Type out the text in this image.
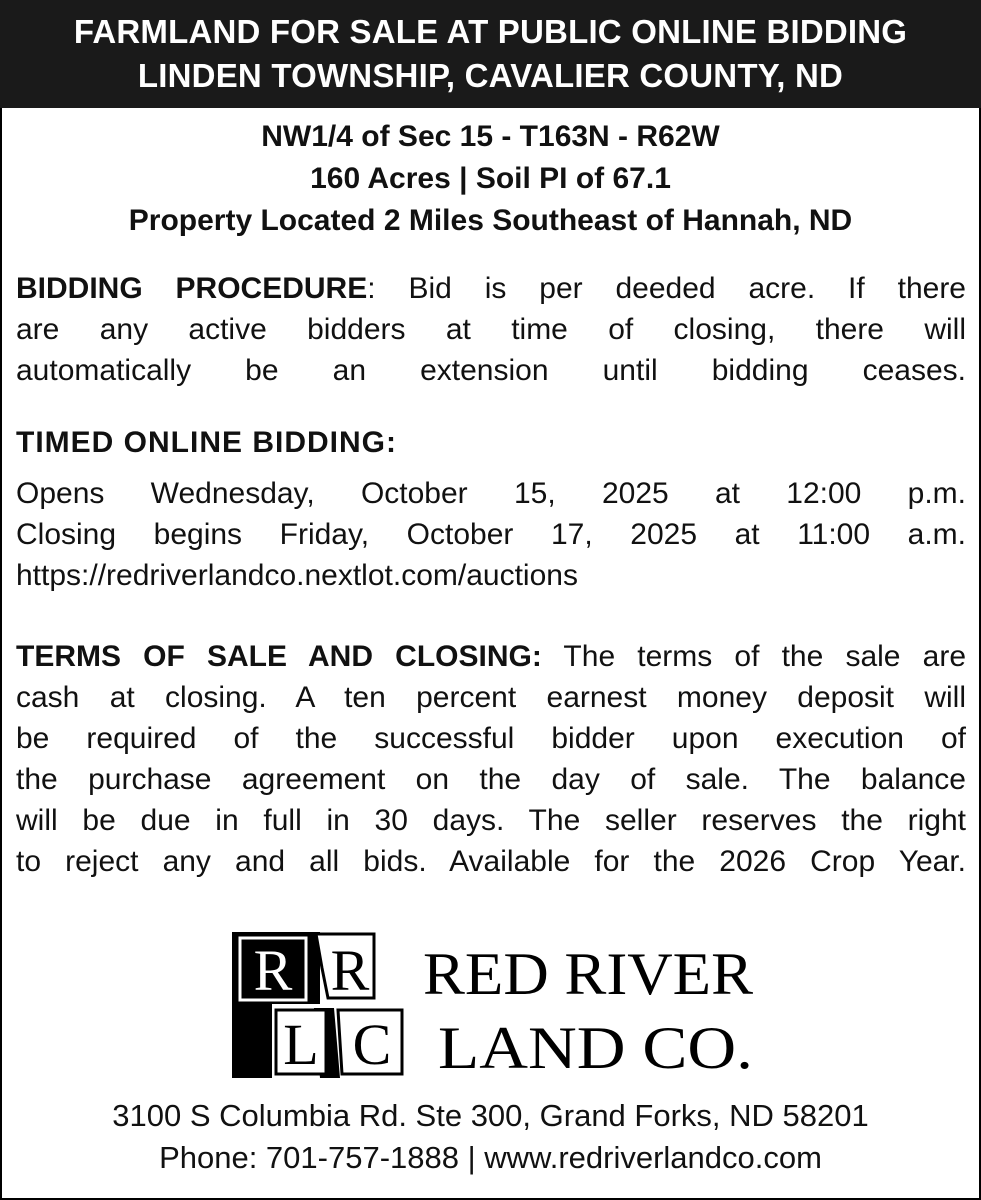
FARMLAND FOR SALE AT PUBLIC ONLINE BIDDING
LINDEN TOWNSHIP, CAVALIER COUNTY, ND
NW1/4 of Sec 15 - T163N - R62W
160 Acres | Soil PI of 67.1
Property Located 2 Miles Southeast of Hannah, ND
BIDDING PROCEDURE: Bid is per deeded acre. If there
are any active bidders at time of closing, there will
automatically be an extension until bidding ceases.
TIMED ONLINE BIDDING:
Opens Wednesday, October 15, 2025 at 12:00 p.m.
Closing begins Friday, October 17, 2025 at 11:00 a.m.
https://redriverlandco.nextlot.com/auctions
TERMS OF SALE AND CLOSING: The terms of the sale are
cash at closing. A ten percent earnest money deposit will
be required of the successful bidder upon execution of
the purchase agreement on the day of sale. The balance
will be due in full in 30 days. The seller reserves the right
to reject any and all bids. Available for the 2026 Crop Year.
R R
L C
RED RIVER
LAND CO.
3100 S Columbia Rd. Ste 300, Grand Forks, ND 58201
Phone: 701-757-1888 | www.redriverlandco.com
